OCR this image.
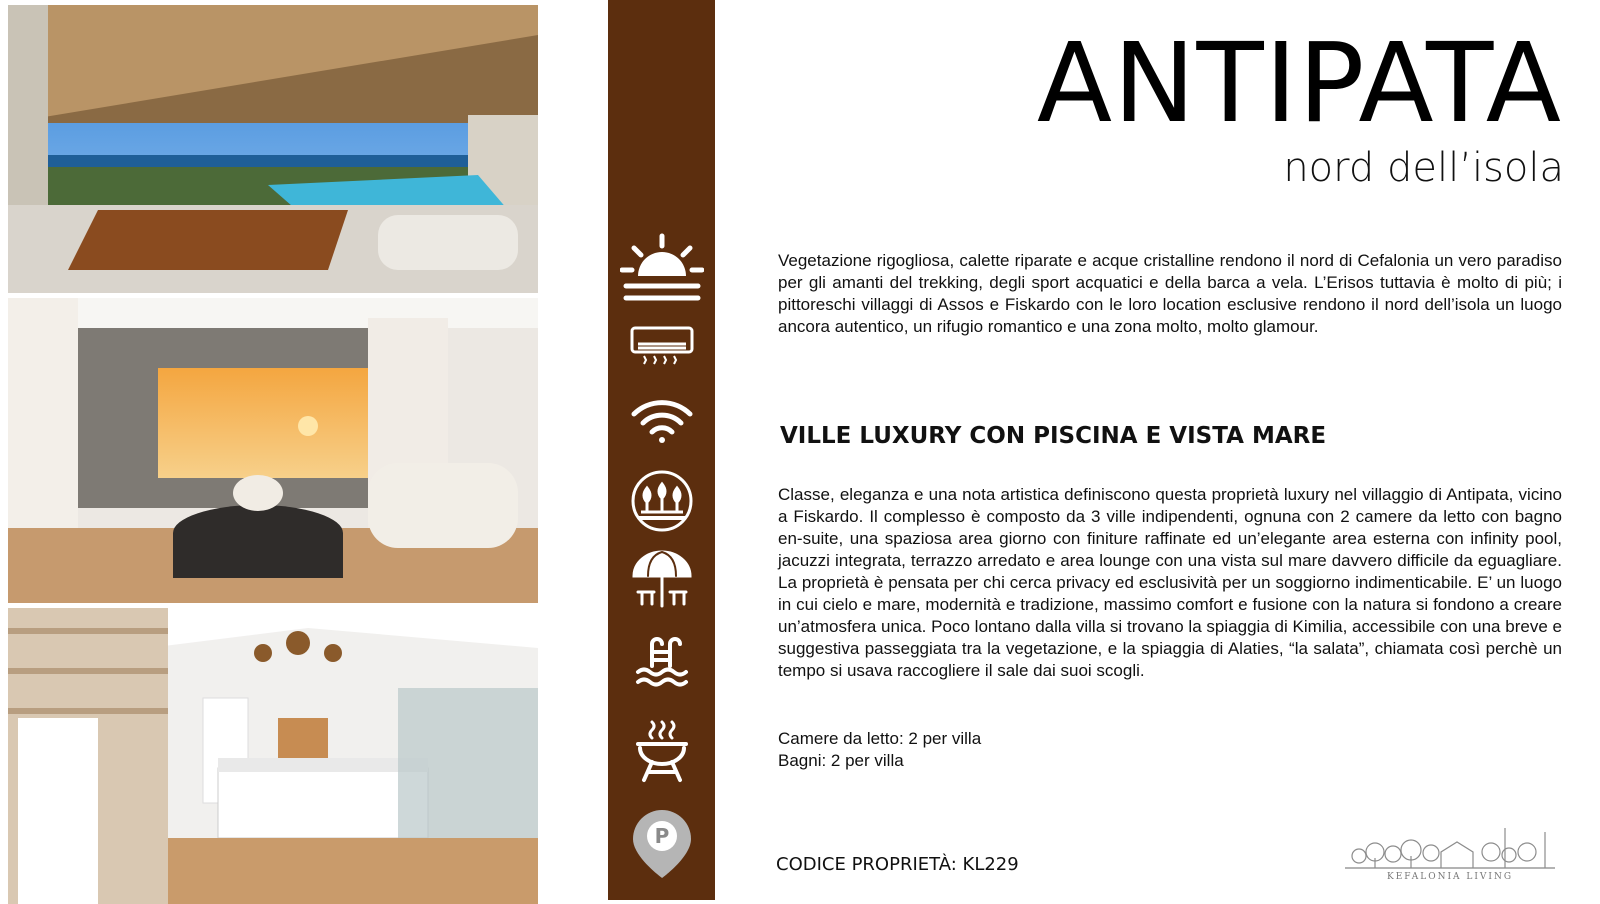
P
ANTIPATA
nord dell’isola

Vegetazione rigogliosa, calette riparate e acque cristalline rendono il nord di Cefalonia un vero paradiso per gli amanti del trekking, degli sport acquatici e della barca a vela. L’Erisos tuttavia è molto di più; i pittoreschi villaggi di Assos e Fiskardo con le loro location esclusive rendono il nord dell’isola un luogo ancora autentico, un rifugio romantico e una zona molto, molto glamour.

VILLE LUXURY CON PISCINA E VISTA MARE

Classe, eleganza e una nota artistica definiscono questa proprietà luxury nel villaggio di Antipata, vicino a Fiskardo. Il complesso è composto da 3 ville indipendenti, ognuna con 2 camere da letto con bagno en-suite, una spaziosa area giorno con finiture raffinate ed un’elegante area esterna con infinity pool, jacuzzi integrata, terrazzo arredato e area lounge con una vista sul mare davvero difficile da eguagliare. La proprietà è pensata per chi cerca privacy ed esclusività per un soggiorno indimenticabile. E’ un luogo in cui cielo e mare, modernità e tradizione, massimo comfort e fusione con la natura si fondono a creare un’atmosfera unica. Poco lontano dalla villa si trovano la spiaggia di Kimilia, accessibile con una breve e suggestiva passeggiata tra la vegetazione, e la spiaggia di Alaties, “la salata”, chiamata così perchè un tempo si usava raccogliere il sale dai suoi scogli.

Camere da letto: 2 per villa
Bagni: 2 per villa
CODICE PROPRIETÀ: KL229
KEFALONIA LIVING
